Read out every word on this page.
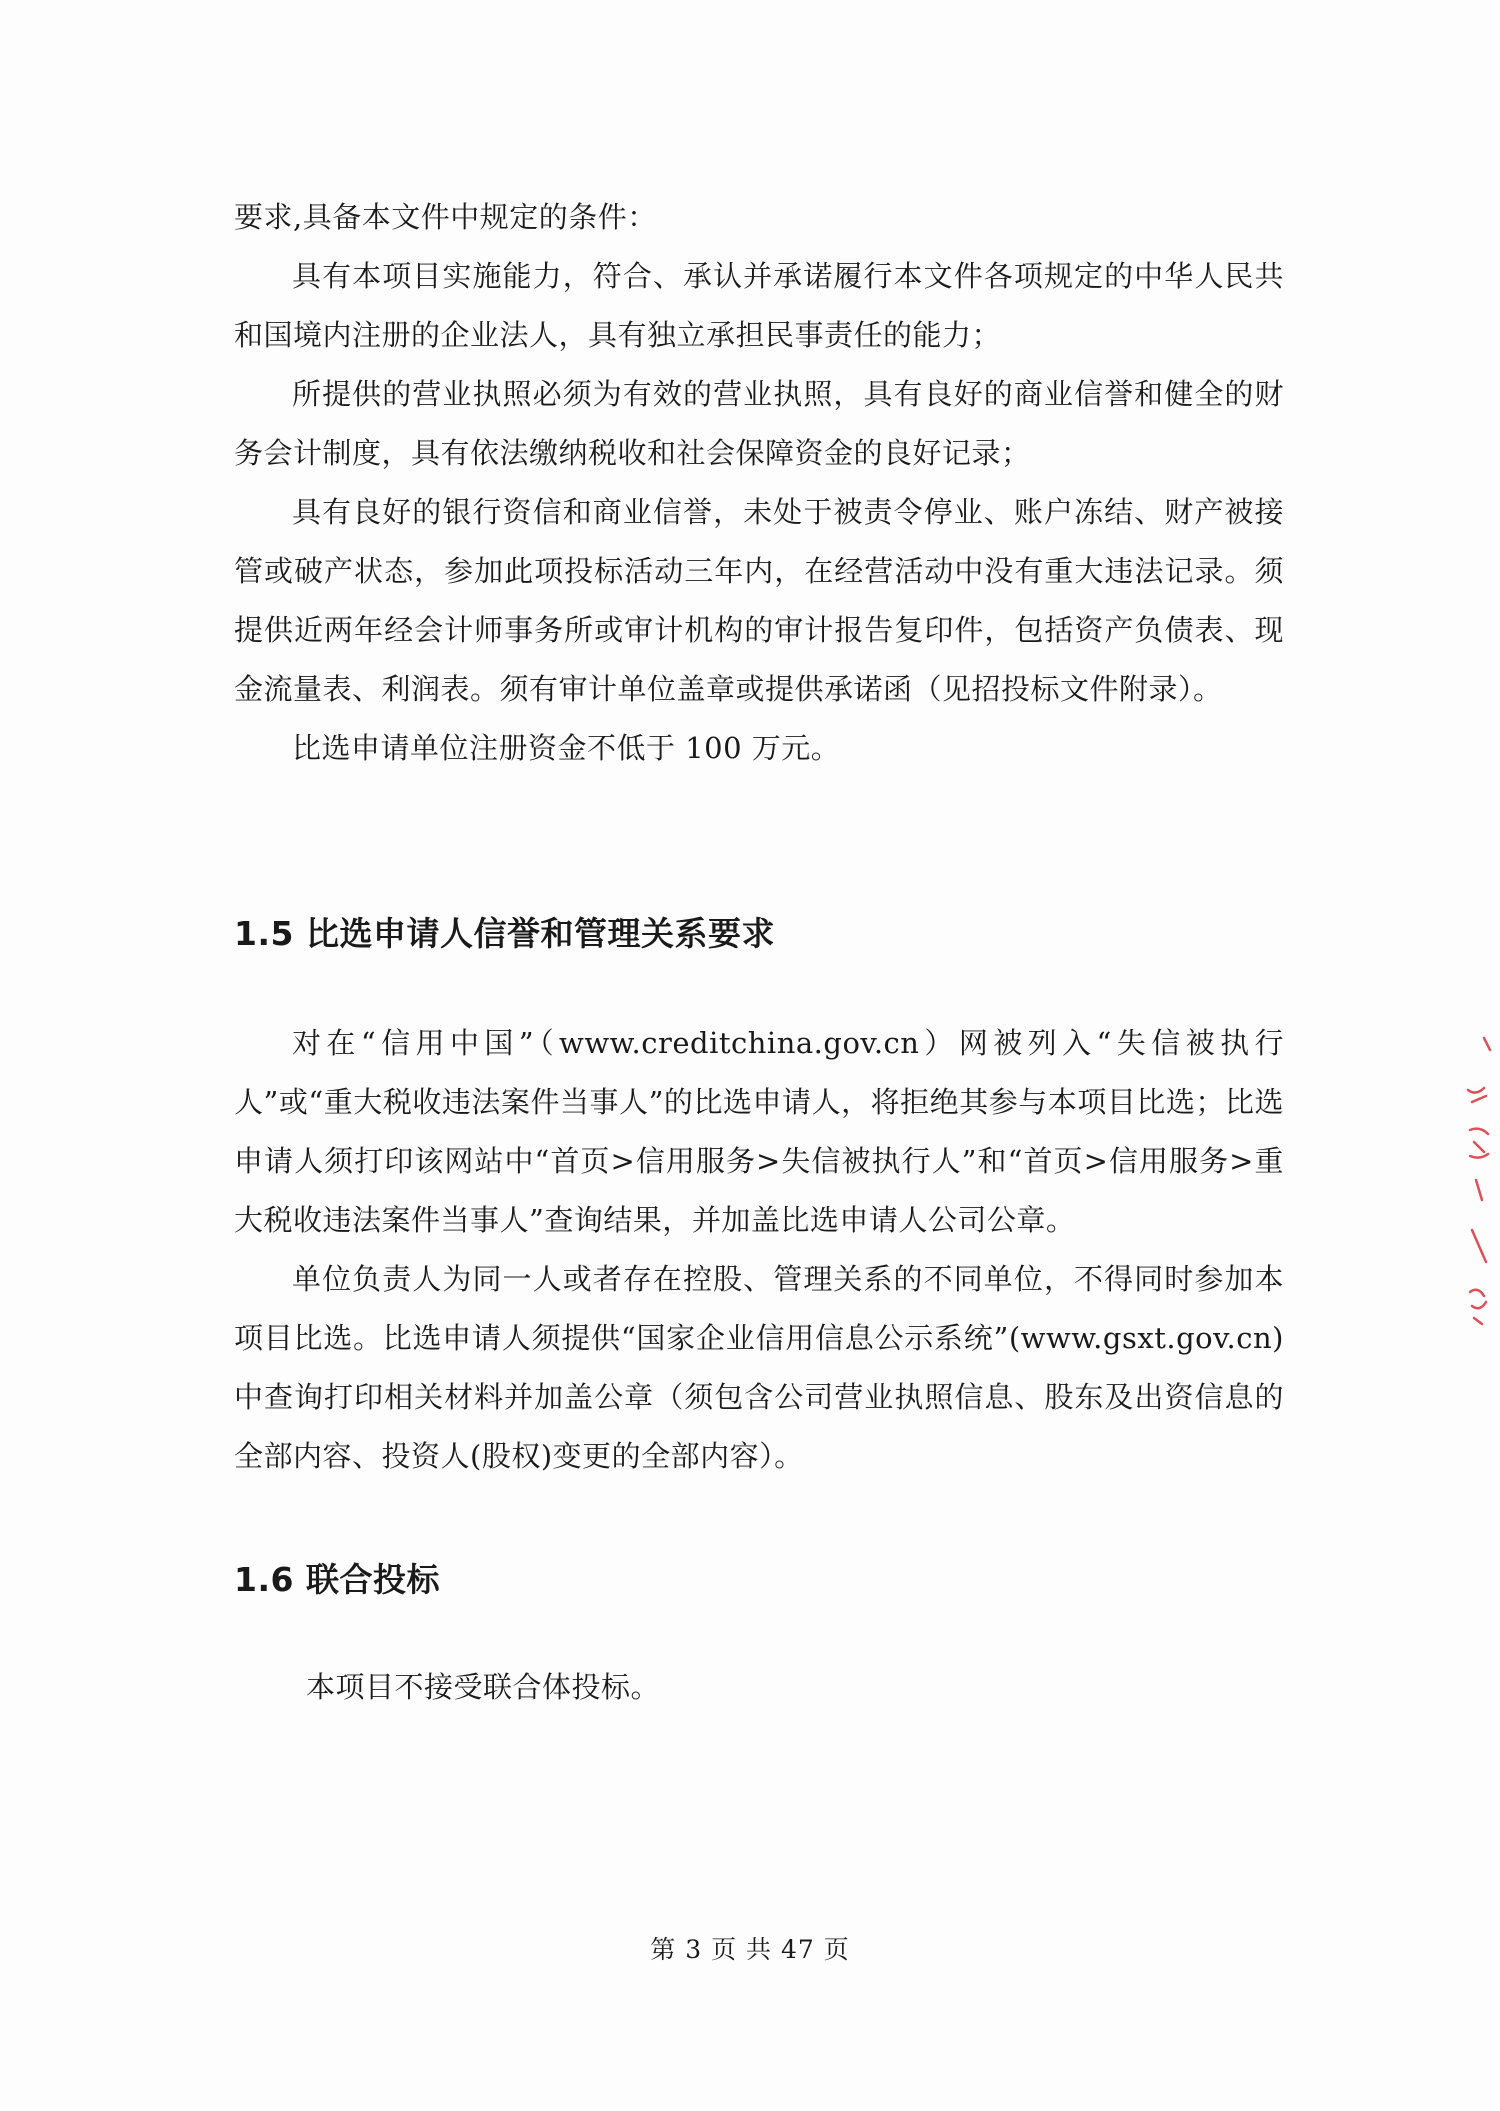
要求,具备本文件中规定的条件：

具有本项目实施能力，符合、承认并承诺履行本文件各项规定的中华人民共和国境内注册的企业法人，具有独立承担民事责任的能力；

所提供的营业执照必须为有效的营业执照，具有良好的商业信誉和健全的财务会计制度，具有依法缴纳税收和社会保障资金的良好记录；

具有良好的银行资信和商业信誉，未处于被责令停业、账户冻结、财产被接管或破产状态，参加此项投标活动三年内，在经营活动中没有重大违法记录。须提供近两年经会计师事务所或审计机构的审计报告复印件，包括资产负债表、现金流量表、利润表。须有审计单位盖章或提供承诺函（见招投标文件附录）。

比选申请单位注册资金不低于 100 万元。

1.5 比选申请人信誉和管理关系要求

对在“信用中国”（www.creditchina.gov.cn）网被列入“失信被执行人”或“重大税收违法案件当事人”的比选申请人，将拒绝其参与本项目比选；比选申请人须打印该网站中“首页>信用服务>失信被执行人”和“首页>信用服务>重大税收违法案件当事人”查询结果，并加盖比选申请人公司公章。

单位负责人为同一人或者存在控股、管理关系的不同单位，不得同时参加本项目比选。比选申请人须提供“国家企业信用信息公示系统”(www.gsxt.gov.cn)中查询打印相关材料并加盖公章（须包含公司营业执照信息、股东及出资信息的全部内容、投资人(股权)变更的全部内容）。

1.6 联合投标

本项目不接受联合体投标。

第 3 页 共 47 页
